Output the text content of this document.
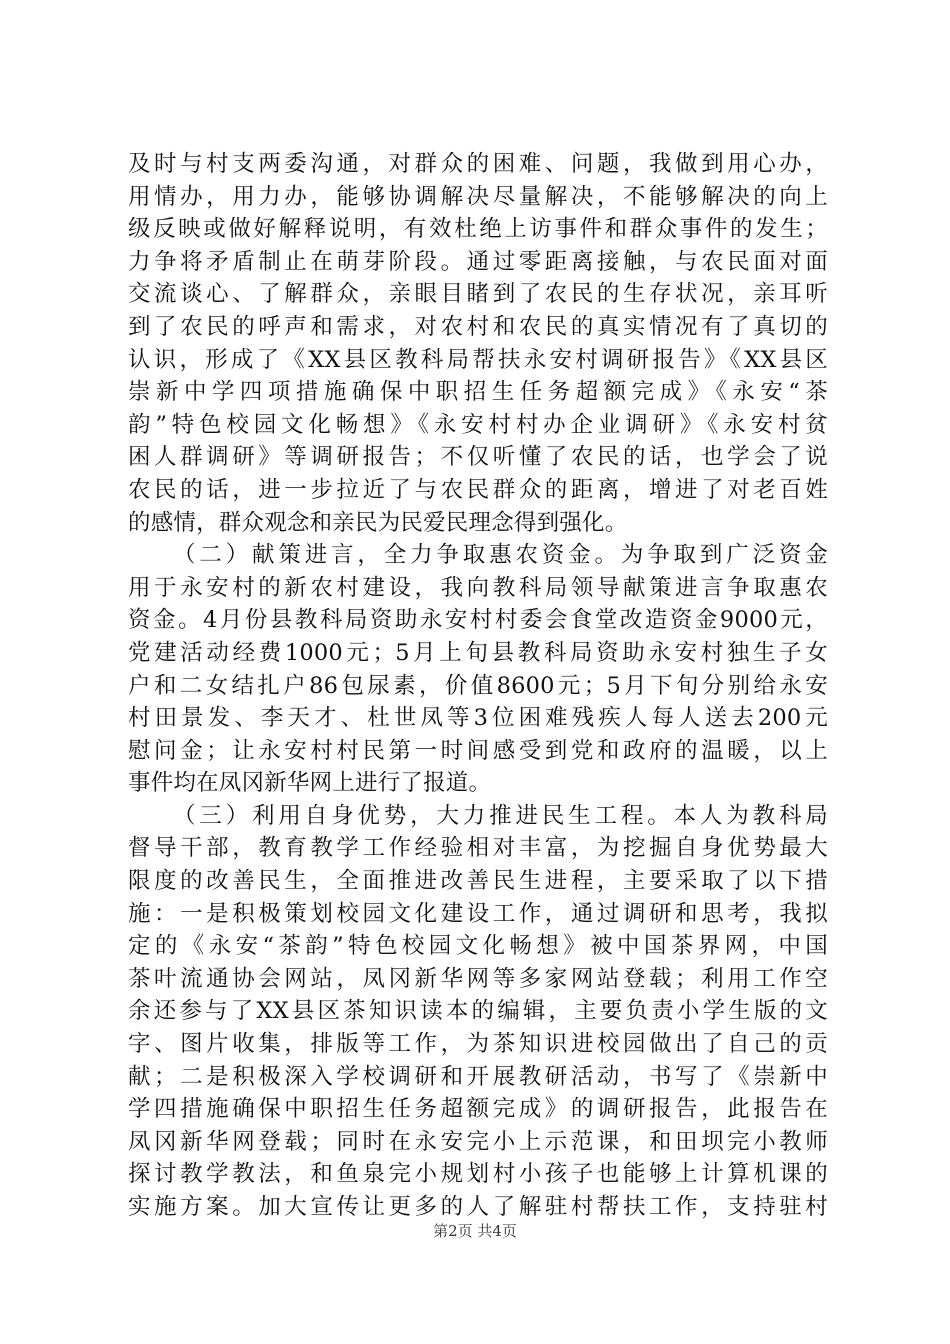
及时与村支两委沟通，对群众的困难、问题，我做到用心办，
用情办，用力办，能够协调解决尽量解决，不能够解决的向上
级反映或做好解释说明，有效杜绝上访事件和群众事件的发生；
力争将矛盾制止在萌芽阶段。通过零距离接触，与农民面对面
交流谈心、了解群众，亲眼目睹到了农民的生存状况，亲耳听
到了农民的呼声和需求，对农村和农民的真实情况有了真切的
认识，形成了《XX县区教科局帮扶永安村调研报告》《XX县区
崇新中学四项措施确保中职招生任务超额完成》《永安“茶
韵”特色校园文化畅想》《永安村村办企业调研》《永安村贫
困人群调研》等调研报告；不仅听懂了农民的话，也学会了说
农民的话，进一步拉近了与农民群众的距离，增进了对老百姓
的感情，群众观念和亲民为民爱民理念得到强化。
（二）献策进言，全力争取惠农资金。为争取到广泛资金
用于永安村的新农村建设，我向教科局领导献策进言争取惠农
资金。4月份县教科局资助永安村村委会食堂改造资金9000元，
党建活动经费1000元；5月上旬县教科局资助永安村独生子女
户和二女结扎户86包尿素，价值8600元；5月下旬分别给永安
村田景发、李天才、杜世凤等3位困难残疾人每人送去200元
慰问金；让永安村村民第一时间感受到党和政府的温暖，以上
事件均在凤冈新华网上进行了报道。
（三）利用自身优势，大力推进民生工程。本人为教科局
督导干部，教育教学工作经验相对丰富，为挖掘自身优势最大
限度的改善民生，全面推进改善民生进程，主要采取了以下措
施：一是积极策划校园文化建设工作，通过调研和思考，我拟
定的《永安“茶韵”特色校园文化畅想》被中国茶界网，中国
茶叶流通协会网站，凤冈新华网等多家网站登载；利用工作空
余还参与了XX县区茶知识读本的编辑，主要负责小学生版的文
字、图片收集，排版等工作，为茶知识进校园做出了自己的贡
献；二是积极深入学校调研和开展教研活动，书写了《崇新中
学四措施确保中职招生任务超额完成》的调研报告，此报告在
凤冈新华网登载；同时在永安完小上示范课，和田坝完小教师
探讨教学教法，和鱼泉完小规划村小孩子也能够上计算机课的
实施方案。加大宣传让更多的人了解驻村帮扶工作，支持驻村
第2页 共4页
